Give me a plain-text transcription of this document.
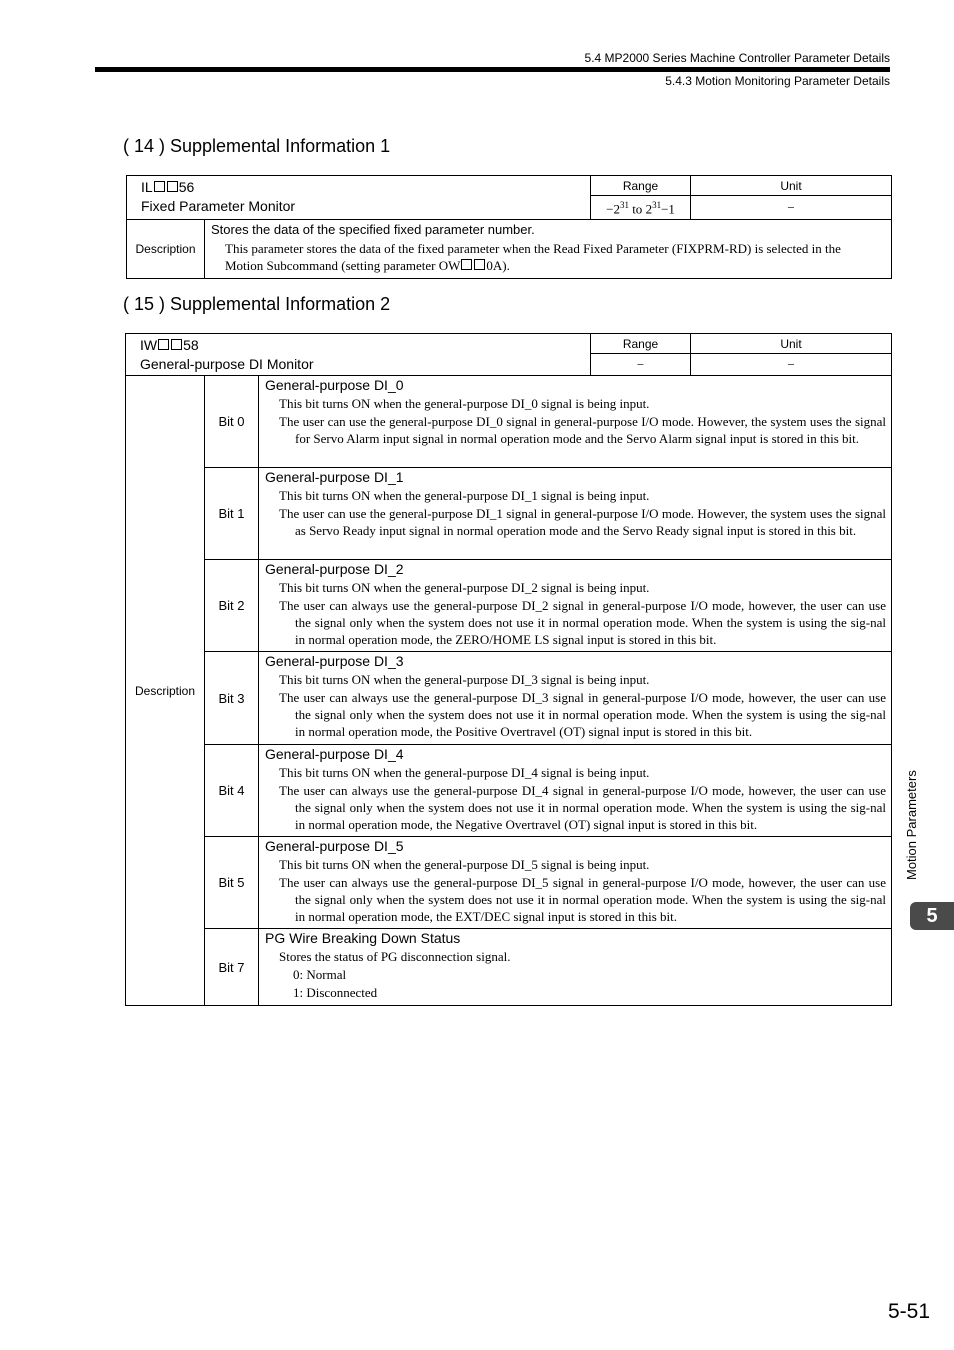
5.4 MP2000 Series Machine Controller Parameter Details
5.4.3 Motion Monitoring Parameter Details
( 14 ) Supplemental Information 1
IL 56
Fixed Parameter Monitor		Range	Unit
		$-2^{31}$ to $2^{31}-1$	−
Description	Stores the data of the specified fixed parameter number.
This parameter stores the data of the fixed parameter when the Read Fixed Parameter (FIXPRM-RD) is selected in the Motion Subcommand (setting parameter OW 0A).		
( 15 ) Supplemental Information 2
IW 58
General-purpose DI Monitor			Range	Unit
			−	−
Description	Bit 0	General-purpose DI_0
This bit turns ON when the general-purpose DI_0 signal is being input.
The user can use the general-purpose DI_0 signal in general-purpose I/O mode. However, the system uses the signal for Servo Alarm input signal in normal operation mode and the Servo Alarm signal input is stored in this bit.		

	Bit 1	General-purpose DI_1
This bit turns ON when the general-purpose DI_1 signal is being input.
The user can use the general-purpose DI_1 signal in general-purpose I/O mode. However, the system uses the signal as Servo Ready input signal in normal operation mode and the Servo Ready signal input is stored in this bit.		

	Bit 2	General-purpose DI_2
This bit turns ON when the general-purpose DI_2 signal is being input.
The user can always use the general-purpose DI_2 signal in general-purpose I/O mode, however, the user can use the signal only when the system does not use it in normal operation mode. When the system is using the sig-nal in normal operation mode, the ZERO/HOME LS signal input is stored in this bit.		

	Bit 3	General-purpose DI_3
This bit turns ON when the general-purpose DI_3 signal is being input.
The user can always use the general-purpose DI_3 signal in general-purpose I/O mode, however, the user can use the signal only when the system does not use it in normal operation mode. When the system is using the sig-nal in normal operation mode, the Positive Overtravel (OT) signal input is stored in this bit.		

	Bit 4	General-purpose DI_4
This bit turns ON when the general-purpose DI_4 signal is being input.
The user can always use the general-purpose DI_4 signal in general-purpose I/O mode, however, the user can use the signal only when the system does not use it in normal operation mode. When the system is using the sig-nal in normal operation mode, the Negative Overtravel (OT) signal input is stored in this bit.		

	Bit 5	General-purpose DI_5
This bit turns ON when the general-purpose DI_5 signal is being input.
The user can always use the general-purpose DI_5 signal in general-purpose I/O mode, however, the user can use the signal only when the system does not use it in normal operation mode. When the system is using the sig-nal in normal operation mode, the EXT/DEC signal input is stored in this bit.		

	Bit 7	PG Wire Breaking Down Status
Stores the status of PG disconnection signal.
0: Normal
1: Disconnected		
Motion Parameters
5
5-51
